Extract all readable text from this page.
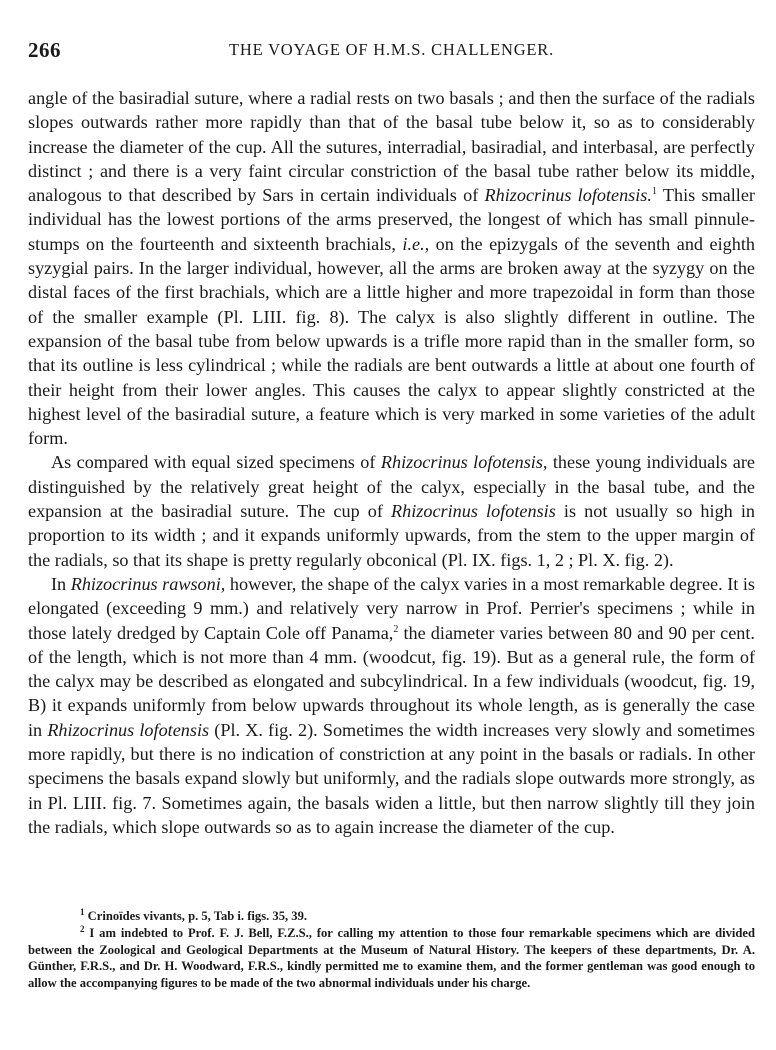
266	THE VOYAGE OF H.M.S. CHALLENGER.

angle of the basiradial suture, where a radial rests on two basals ; and then the surface of the radials slopes outwards rather more rapidly than that of the basal tube below it, so as to considerably increase the diameter of the cup. All the sutures, interradial, basiradial, and interbasal, are perfectly distinct ; and there is a very faint circular constriction of the basal tube rather below its middle, analogous to that described by Sars in certain individuals of Rhizocrinus lofotensis.$^1$ This smaller individual has the lowest portions of the arms preserved, the longest of which has small pinnule-stumps on the fourteenth and sixteenth brachials, i.e., on the epizygals of the seventh and eighth syzygial pairs. In the larger individual, however, all the arms are broken away at the syzygy on the distal faces of the first brachials, which are a little higher and more trapezoidal in form than those of the smaller example (Pl. LIII. fig. 8). The calyx is also slightly different in outline. The expansion of the basal tube from below upwards is a trifle more rapid than in the smaller form, so that its outline is less cylindrical ; while the radials are bent outwards a little at about one fourth of their height from their lower angles. This causes the calyx to appear slightly constricted at the highest level of the basiradial suture, a feature which is very marked in some varieties of the adult form.

As compared with equal sized specimens of Rhizocrinus lofotensis, these young individuals are distinguished by the relatively great height of the calyx, especially in the basal tube, and the expansion at the basiradial suture. The cup of Rhizocrinus lofotensis is not usually so high in proportion to its width ; and it expands uniformly upwards, from the stem to the upper margin of the radials, so that its shape is pretty regularly obconical (Pl. IX. figs. 1, 2 ; Pl. X. fig. 2).

In Rhizocrinus rawsoni, however, the shape of the calyx varies in a most remarkable degree. It is elongated (exceeding 9 mm.) and relatively very narrow in Prof. Perrier's specimens ; while in those lately dredged by Captain Cole off Panama,$^2$ the diameter varies between 80 and 90 per cent. of the length, which is not more than 4 mm. (woodcut, fig. 19). But as a general rule, the form of the calyx may be described as elongated and subcylindrical. In a few individuals (woodcut, fig. 19, B) it expands uniformly from below upwards throughout its whole length, as is generally the case in Rhizocrinus lofotensis (Pl. X. fig. 2). Sometimes the width increases very slowly and sometimes more rapidly, but there is no indication of constriction at any point in the basals or radials. In other specimens the basals expand slowly but uniformly, and the radials slope outwards more strongly, as in Pl. LIII. fig. 7. Sometimes again, the basals widen a little, but then narrow slightly till they join the radials, which slope outwards so as to again increase the diameter of the cup.

$^1$ Crinoïdes vivants, p. 5, Tab i. figs. 35, 39.

$^2$ I am indebted to Prof. F. J. Bell, F.Z.S., for calling my attention to those four remarkable specimens which are divided between the Zoological and Geological Departments at the Museum of Natural History. The keepers of these departments, Dr. A. Günther, F.R.S., and Dr. H. Woodward, F.R.S., kindly permitted me to examine them, and the former gentleman was good enough to allow the accompanying figures to be made of the two abnormal individuals under his charge.
